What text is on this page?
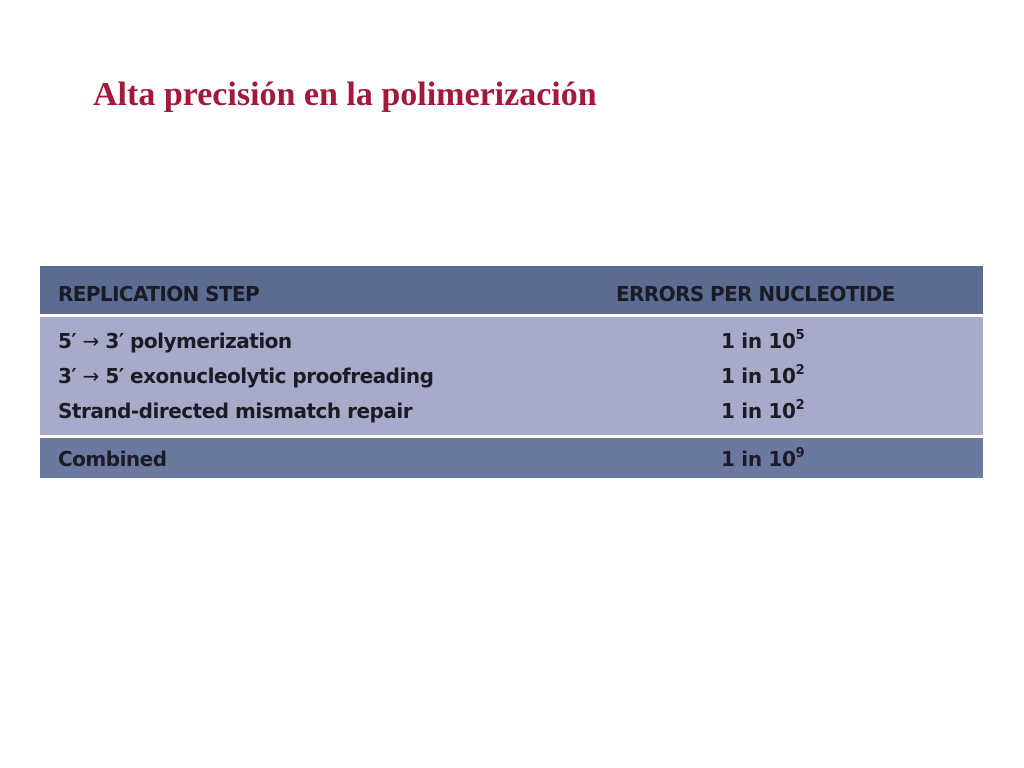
Alta precisión en la polimerización
REPLICATION STEP	ERRORS PER NUCLEOTIDE
5′ → 3′ polymerization	1 in $10^5$
3′ → 5′ exonucleolytic proofreading	1 in $10^2$
Strand-directed mismatch repair	1 in $10^2$
Combined	1 in $10^9$
